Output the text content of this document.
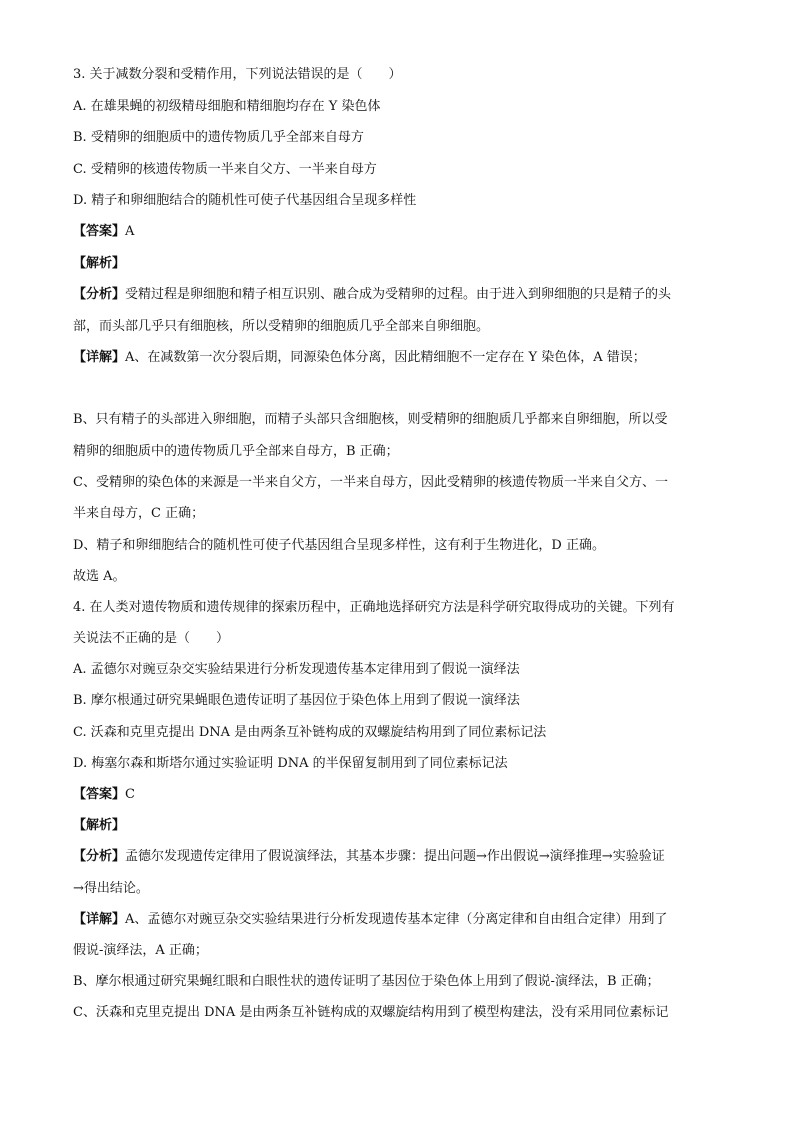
3. 关于减数分裂和受精作用，下列说法错误的是（　　）
A. 在雄果蝇的初级精母细胞和精细胞均存在 Y 染色体
B. 受精卵的细胞质中的遗传物质几乎全部来自母方
C. 受精卵的核遗传物质一半来自父方、一半来自母方
D. 精子和卵细胞结合的随机性可使子代基因组合呈现多样性
【答案】A
【解析】
【分析】受精过程是卵细胞和精子相互识别、融合成为受精卵的过程。由于进入到卵细胞的只是精子的头
部，而头部几乎只有细胞核，所以受精卵的细胞质几乎全部来自卵细胞。
【详解】A、在减数第一次分裂后期，同源染色体分离，因此精细胞不一定存在 Y 染色体，A 错误；
B、只有精子的头部进入卵细胞，而精子头部只含细胞核，则受精卵的细胞质几乎都来自卵细胞，所以受
精卵的细胞质中的遗传物质几乎全部来自母方，B 正确；
C、受精卵的染色体的来源是一半来自父方，一半来自母方，因此受精卵的核遗传物质一半来自父方、一
半来自母方，C 正确；
D、精子和卵细胞结合的随机性可使子代基因组合呈现多样性，这有利于生物进化，D 正确。
故选 A。
4. 在人类对遗传物质和遗传规律的探索历程中，正确地选择研究方法是科学研究取得成功的关键。下列有
关说法不正确的是（　　）
A. 孟德尔对豌豆杂交实验结果进行分析发现遗传基本定律用到了假说一演绎法
B. 摩尔根通过研究果蝇眼色遗传证明了基因位于染色体上用到了假说一演绎法
C. 沃森和克里克提出 DNA 是由两条互补链构成的双螺旋结构用到了同位素标记法
D. 梅塞尔森和斯塔尔通过实验证明 DNA 的半保留复制用到了同位素标记法
【答案】C
【解析】
【分析】孟德尔发现遗传定律用了假说演绎法，其基本步骤：提出问题→作出假说→演绎推理→实验验证
→得出结论。
【详解】A、孟德尔对豌豆杂交实验结果进行分析发现遗传基本定律（分离定律和自由组合定律）用到了
假说-演绎法，A 正确；
B、摩尔根通过研究果蝇红眼和白眼性状的遗传证明了基因位于染色体上用到了假说-演绎法，B 正确；
C、沃森和克里克提出 DNA 是由两条互补链构成的双螺旋结构用到了模型构建法，没有采用同位素标记
